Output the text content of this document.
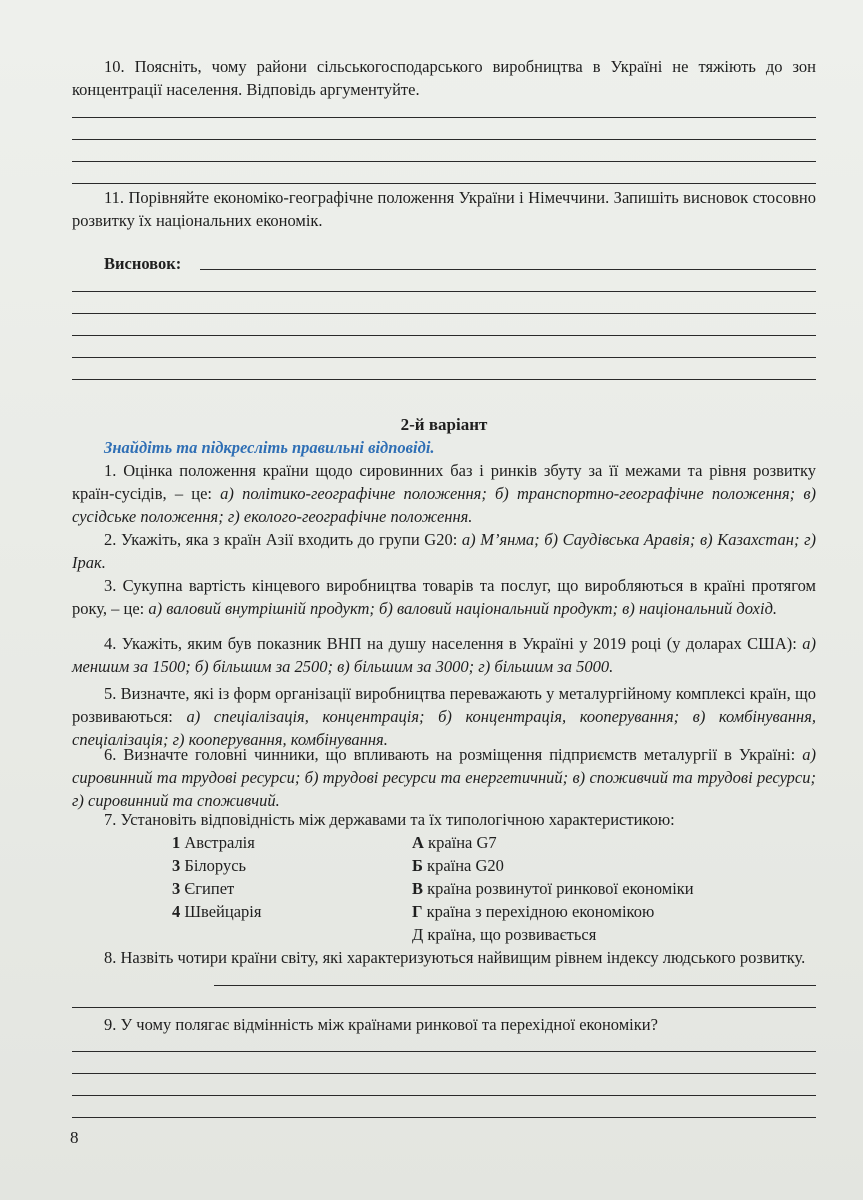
10. Поясніть, чому райони сільськогосподарського виробництва в Україні не тяжіють до зон концентрації населення. Відповідь аргументуйте.
11. Порівняйте економіко-географічне положення України і Німеччини. Запишіть висновок стосовно розвитку їх національних економік.
Висновок:
2-й варіант
Знайдіть та підкресліть правильні відповіді.
1. Оцінка положення країни щодо сировинних баз і ринків збуту за її межами та рівня розвитку країн-сусідів, – це: а) політико-географічне положення; б) транспортно-географічне положення; в) сусідське положення; г) еколого-географічне положення.
2. Укажіть, яка з країн Азії входить до групи G20: а) М’янма; б) Саудівська Аравія; в) Казахстан; г) Ірак.
3. Сукупна вартість кінцевого виробництва товарів та послуг, що виробляються в країні протягом року, – це: а) валовий внутрішній продукт; б) валовий національний продукт; в) національний дохід.
4. Укажіть, яким був показник ВНП на душу населення в Україні у 2019 році (у доларах США): а) меншим за 1500; б) більшим за 2500; в) більшим за 3000; г) більшим за 5000.
5. Визначте, які із форм організації виробництва переважають у металургійному комплексі країн, що розвиваються: а) спеціалізація, концентрація; б) концентрація, кооперування; в) комбінування, спеціалізація; г) кооперування, комбінування.
6. Визначте головні чинники, що впливають на розміщення підприємств металургії в Україні: а) сировинний та трудові ресурси; б) трудові ресурси та енергетичний; в) споживчий та трудові ресурси; г) сировинний та споживчий.
7. Установіть відповідність між державами та їх типологічною характеристикою:
1 Австралія
3 Білорусь
3 Єгипет
4 Швейцарія
А країна G7
Б країна G20
В країна розвинутої ринкової економіки
Г країна з перехідною економікою
Д країна, що розвивається
8. Назвіть чотири країни світу, які характеризуються найвищим рівнем індексу людського розвитку.
9. У чому полягає відмінність між країнами ринкової та перехідної економіки?
8
